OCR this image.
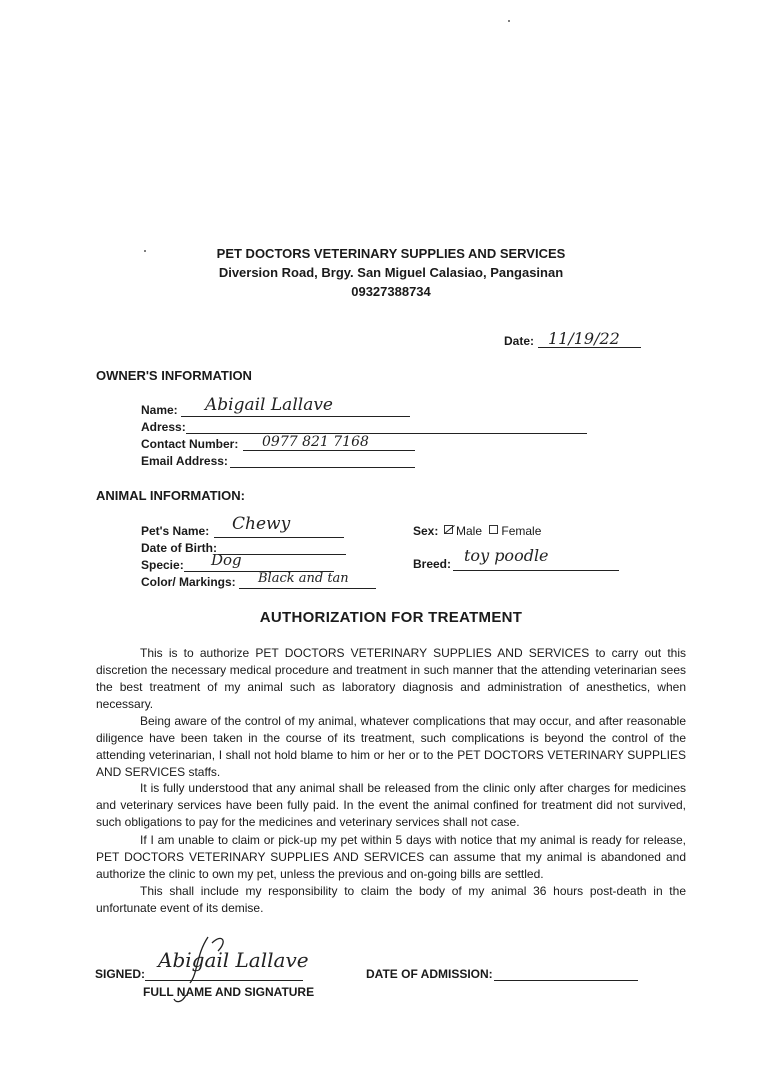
PET DOCTORS VETERINARY SUPPLIES AND SERVICES
Diversion Road, Brgy. San Miguel Calasiao, Pangasinan
09327388734
Date: 11/19/22
OWNER'S INFORMATION
Name: Abigail Lallave
Adress:
Contact Number: 0977 821 7168
Email Address:
ANIMAL INFORMATION:
Pet's Name: Chewy
Date of Birth:
Specie: Dog
Color/ Markings: Black and tan
Sex:	Male Female
Breed: toy poodle
AUTHORIZATION FOR TREATMENT

This is to authorize PET DOCTORS VETERINARY SUPPLIES AND SERVICES to carry out this discretion the necessary medical procedure and treatment in such manner that the attending veterinarian sees the best treatment of my animal such as laboratory diagnosis and administration of anesthetics, when necessary.

Being aware of the control of my animal, whatever complications that may occur, and after reasonable diligence have been taken in the course of its treatment, such complications is beyond the control of the attending veterinarian, I shall not hold blame to him or her or to the PET DOCTORS VETERINARY SUPPLIES AND SERVICES staffs.

It is fully understood that any animal shall be released from the clinic only after charges for medicines and veterinary services have been fully paid. In the event the animal confined for treatment did not survived, such obligations to pay for the medicines and veterinary services shall not case.

If I am unable to claim or pick-up my pet within 5 days with notice that my animal is ready for release, PET DOCTORS VETERINARY SUPPLIES AND SERVICES can assume that my animal is abandoned and authorize the clinic to own my pet, unless the previous and on-going bills are settled.

This shall include my responsibility to claim the body of my animal 36 hours post-death in the unfortunate event of its demise.

SIGNED:
Abigail Lallave
FULL NAME AND SIGNATURE
DATE OF ADMISSION:
